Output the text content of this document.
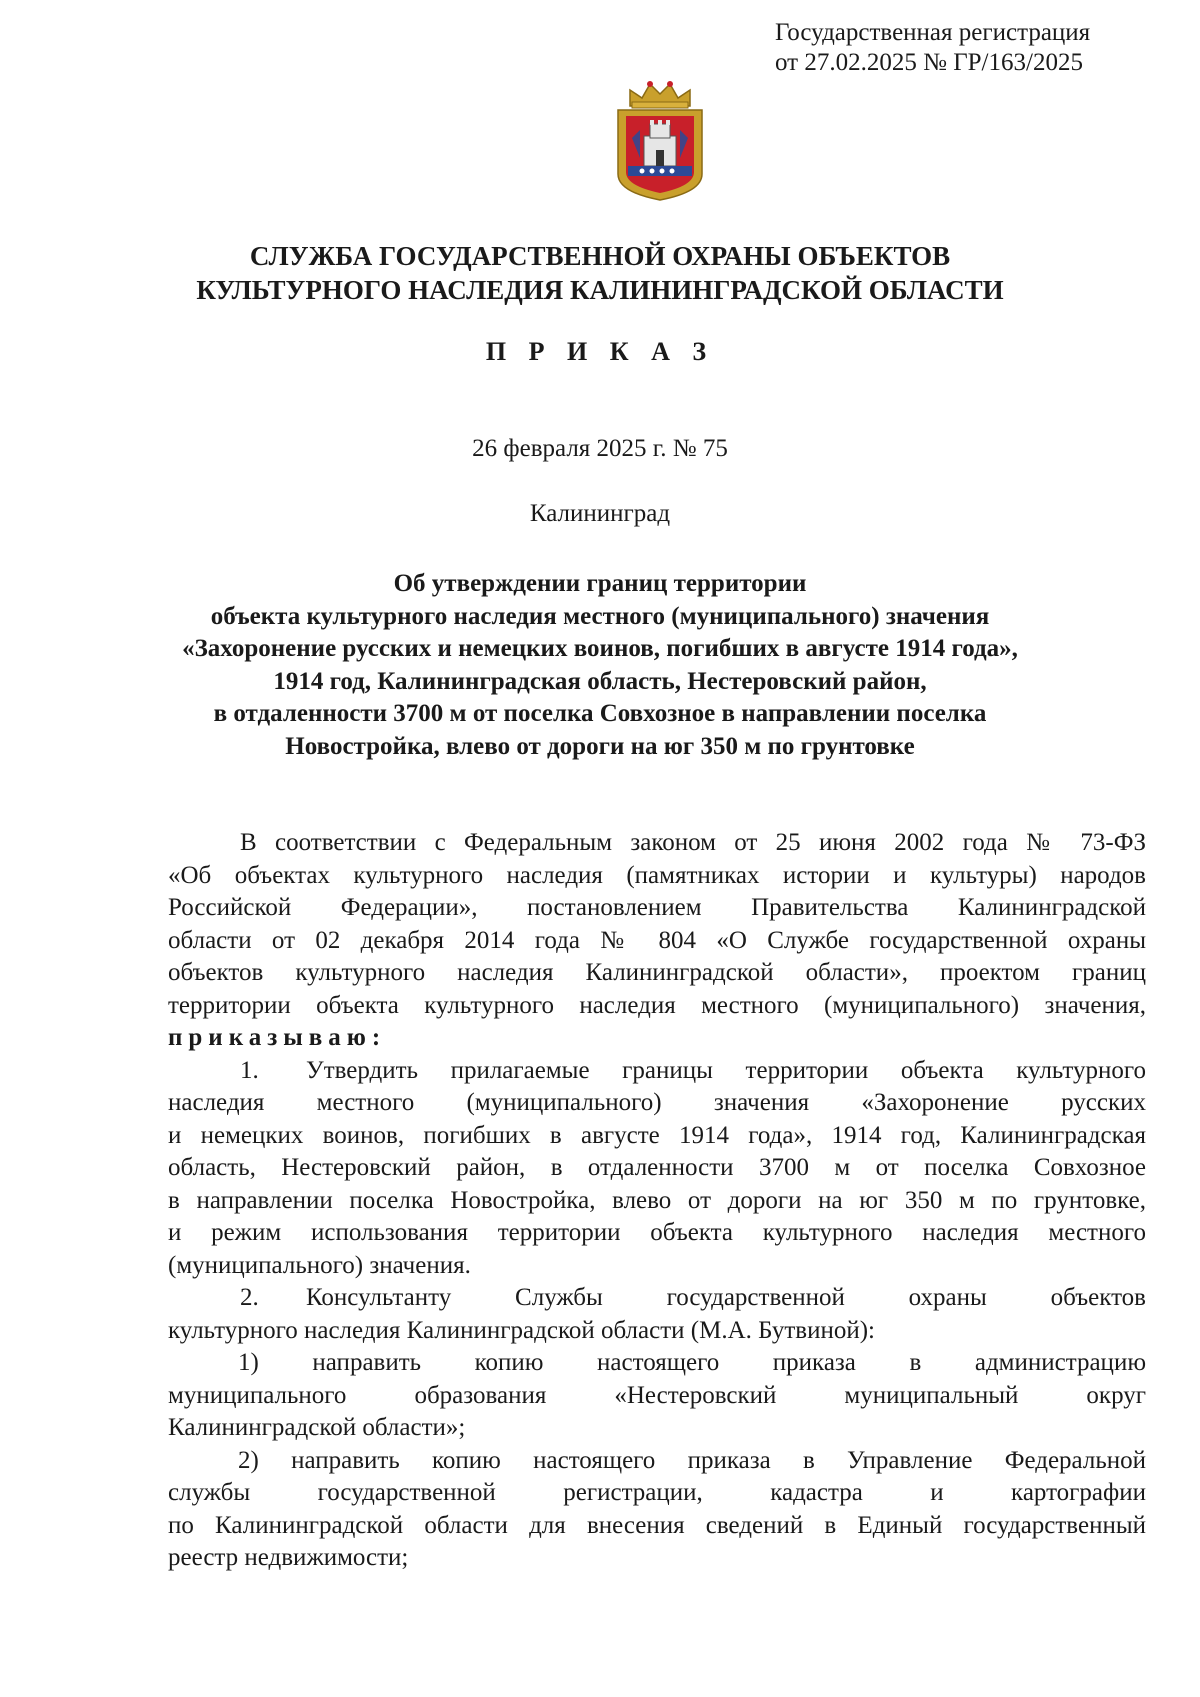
Государственная регистрация
от 27.02.2025 № ГР/163/2025
СЛУЖБА ГОСУДАРСТВЕННОЙ ОХРАНЫ ОБЪЕКТОВ
КУЛЬТУРНОГО НАСЛЕДИЯ КАЛИНИНГРАДСКОЙ ОБЛАСТИ
П Р И К А З
26 февраля 2025 г. № 75
Калининград
Об утверждении границ территории
объекта культурного наследия местного (муниципального) значения
«Захоронение русских и немецких воинов, погибших в августе 1914 года»,
1914 год, Калининградская область, Нестеровский район,
в отдаленности 3700 м от поселка Совхозное в направлении поселка
Новостройка, влево от дороги на юг 350 м по грунтовке
В соответствии с Федеральным законом от 25 июня 2002 года № 73-ФЗ
«Об объектах культурного наследия (памятниках истории и культуры) народов
Российской Федерации», постановлением Правительства Калининградской
области от 02 декабря 2014 года № 804 «О Службе государственной охраны
объектов культурного наследия Калининградской области», проектом границ
территории объекта культурного наследия местного (муниципального) значения,
приказываю:
1. Утвердить прилагаемые границы территории объекта культурного
наследия местного (муниципального) значения «Захоронение русских
и немецких воинов, погибших в августе 1914 года», 1914 год, Калининградская
область, Нестеровский район, в отдаленности 3700 м от поселка Совхозное
в направлении поселка Новостройка, влево от дороги на юг 350 м по грунтовке,
и режим использования территории объекта культурного наследия местного
(муниципального) значения.
2. Консультанту Службы государственной охраны объектов
культурного наследия Калининградской области (М.А. Бутвиной):
1) направить копию настоящего приказа в администрацию
муниципального образования «Нестеровский муниципальный округ
Калининградской области»;
2) направить копию настоящего приказа в Управление Федеральной
службы государственной регистрации, кадастра и картографии
по Калининградской области для внесения сведений в Единый государственный
реестр недвижимости;
